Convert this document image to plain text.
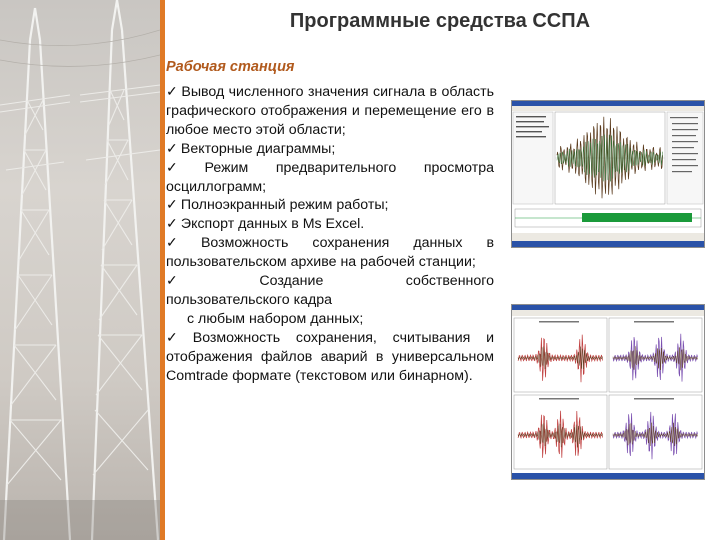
Программные средства ССПА

Рабочая станция

✓ Вывод численного значения сигнала в область графического отображения и перемещение его в любое место этой области;
✓ Векторные диаграммы;
✓ Режим предварительного просмотра осциллограмм;
✓ Полноэкранный режим работы;
✓ Экспорт данных в Ms Excel.
✓ Возможность сохранения данных в пользовательском архиве на рабочей станции;
✓ Создание собственного
пользовательского кадра
с любым набором данных;
✓ Возможность сохранения, считывания и отображения файлов аварий в универсальном Comtrade формате (текстовом или бинарном).
